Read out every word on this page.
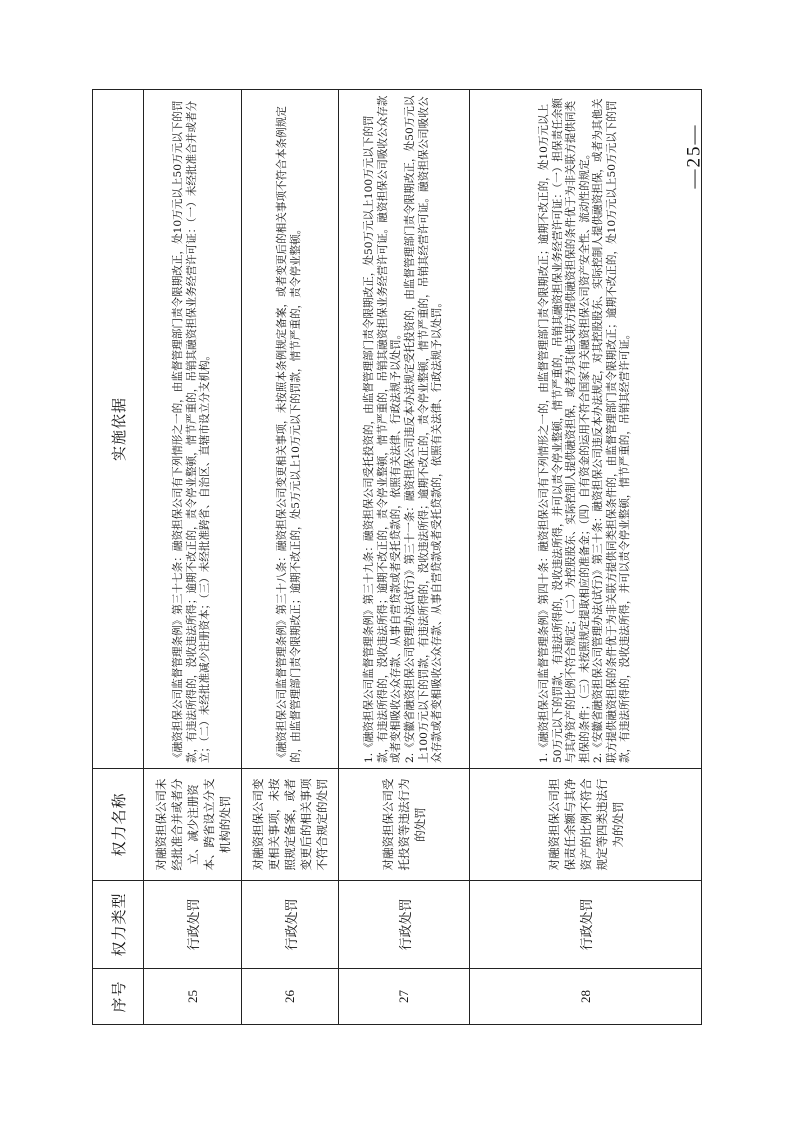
序号	权力类型	权力名称	实施依据
25	行政处罚	对融资担保公司未经批准合并或者分立、减少注册资本、跨省设立分支机构的处罚	《融资担保公司监督管理条例》第三十七条：融资担保公司有下列情形之一的，由监督管理部门责令限期改正，处10万元以上50万元以下的罚款，有违法所得的，没收违法所得；逾期不改正的，责令停业整顿，情节严重的，吊销其融资担保业务经营许可证：（一）未经批准合并或者分立；（二）未经批准减少注册资本；（三）未经批准跨省、自治区、直辖市设立分支机构。

26	行政处罚	对融资担保公司变更相关事项，未按照规定备案，或者变更后的相关事项不符合规定的处罚	《融资担保公司监督管理条例》第三十八条：融资担保公司变更相关事项，未按照本条例规定备案，或者变更后的相关事项不符合本条例规定的，由监督管理部门责令限期改正；逾期不改正的，处5万元以上10万元以下的罚款，情节严重的，责令停业整顿。

27	行政处罚	对融资担保公司受托投资等违法行为的处罚	1.《融资担保公司监督管理条例》第三十九条：融资担保公司受托投资的，由监督管理部门责令限期改正，处50万元以上100万元以下的罚款，有违法所得的，没收违法所得；逾期不改正的，责令停业整顿，情节严重的，吊销其融资担保业务经营许可证。融资担保公司吸收公众存款或者变相吸收公众存款、从事自营贷款或者受托贷款的，依照有关法律、行政法规予以处罚。 2.《安徽省融资担保公司管理办法(试行)》第三十一条：融资担保公司违反本办法规定受托投资的，由监督管理部门责令限期改正，处50万元以上100万元以下的罚款，有违法所得的，没收违法所得；逾期不改正的，责令停业整顿，情节严重的，吊销其经营许可证。融资担保公司吸收公众存款或者变相吸收公众存款、从事自营贷款或者受托贷款的，依照有关法律、行政法规予以处罚。

28	行政处罚	对融资担保公司担保责任余额与其净资产的比例不符合规定等四类违法行为的处罚	1.《融资担保公司监督管理条例》第四十条：融资担保公司有下列情形之一的，由监督管理部门责令限期改正；逾期不改正的，处10万元以上50万元以下的罚款，有违法所得的，没收违法所得，并可以责令停业整顿，情节严重的，吊销其融资担保业务经营许可证：（一）担保责任余额与其净资产的比例不符合规定；（二）为控股股东、实际控制人提供融资担保，或者为其他关联方提供融资担保的条件优于为非关联方提供同类担保的条件；（三）未按照规定提取相应的准备金；（四）自有资金的运用不符合国家有关融资担保公司资产安全性、流动性的规定。 2.《安徽省融资担保公司管理办法(试行)》第三十条：融资担保公司违反本办法规定，对其控股股东、实际控制人提供融资担保，或者为其他关联方提供融资担保的条件优于为非关联方提供同类担保条件的，由监督管理部门责令限期改正；逾期不改正的，处10万元以上50万元以下的罚款，有违法所得的，没收违法所得，并可以责令停业整顿，情节严重的，吊销其经营许可证。

—25—
